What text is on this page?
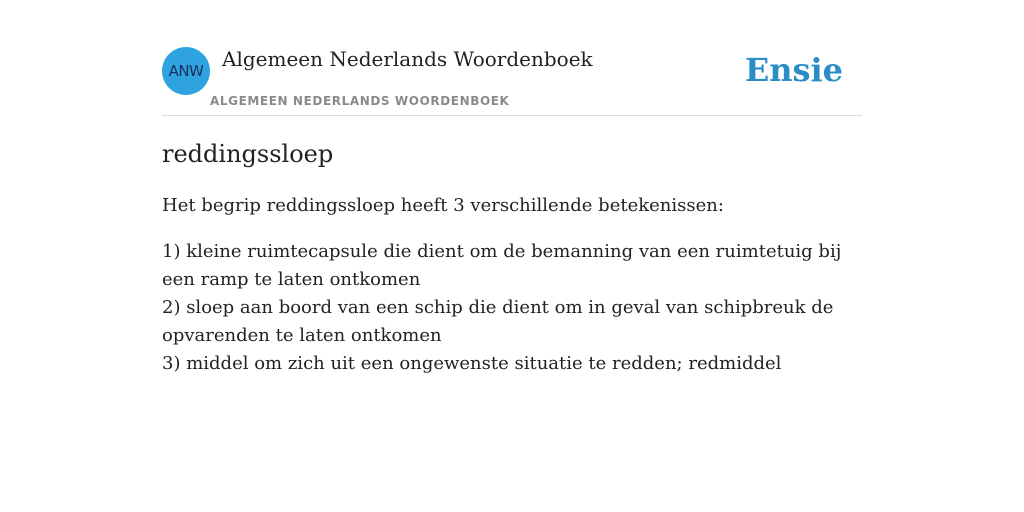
ANW Algemeen Nederlands Woordenboek
ALGEMEEN NEDERLANDS WOORDENBOEK
Ensie
reddingssloep

Het begrip reddingssloep heeft 3 verschillende betekenissen:

1) kleine ruimtecapsule die dient om de bemanning van een ruimtetuig bij een ramp te laten ontkomen
2) sloep aan boord van een schip die dient om in geval van schipbreuk de opvarenden te laten ontkomen
3) middel om zich uit een ongewenste situatie te redden; redmiddel
